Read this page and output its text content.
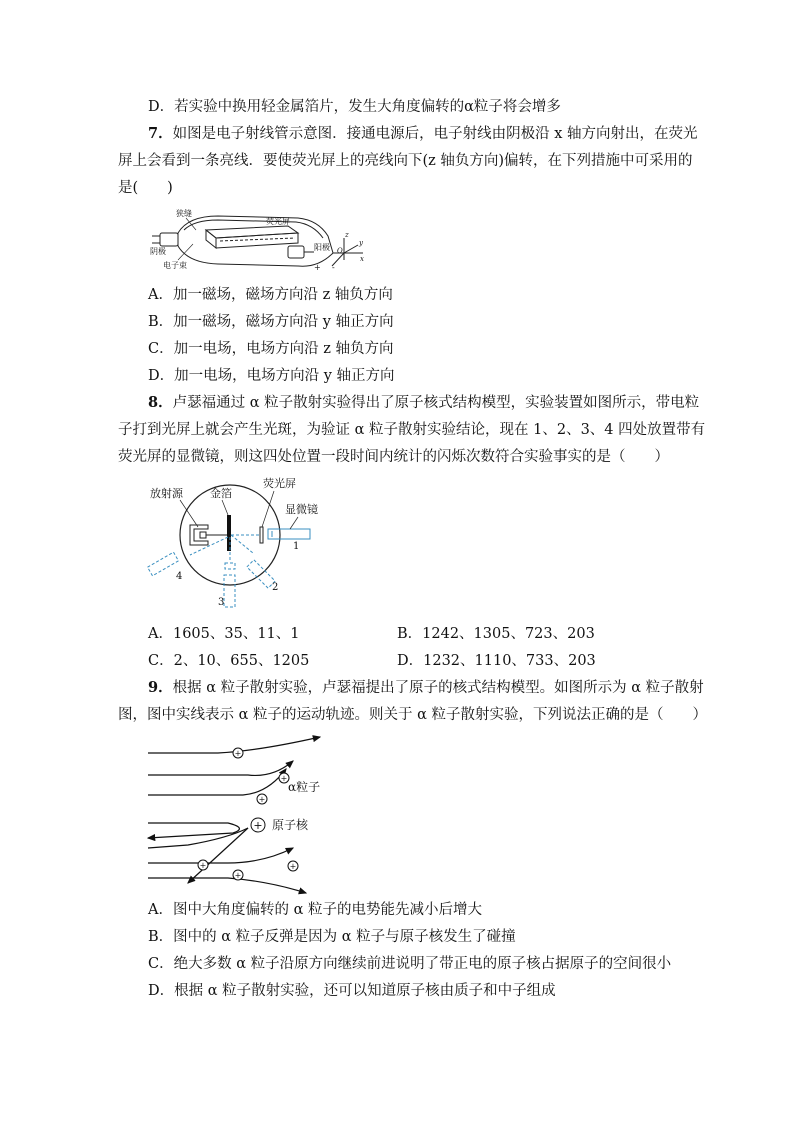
D．若实验中换用轻金属箔片，发生大角度偏转的α粒子将会增多
7．如图是电子射线管示意图．接通电源后，电子射线由阴极沿 x 轴方向射出，在荧光
屏上会看到一条亮线．要使荧光屏上的亮线向下(z 轴负方向)偏转，在下列措施中可采用的
是(　　)
狭缝
荧光屏
阴极
电子束
阳极
z
y
x
O
+ -
A．加一磁场，磁场方向沿 z 轴负方向
B．加一磁场，磁场方向沿 y 轴正方向
C．加一电场，电场方向沿 z 轴负方向
D．加一电场，电场方向沿 y 轴正方向
8．卢瑟福通过 α 粒子散射实验得出了原子核式结构模型，实验装置如图所示，带电粒
子打到光屏上就会产生光斑，为验证 α 粒子散射实验结论，现在 1、2、3、4 四处放置带有
荧光屏的显微镜，则这四处位置一段时间内统计的闪烁次数符合实验事实的是（　　）
放射源 金箔
荧光屏
显微镜
1
2
3
4
A．1605、35、11、1	B．1242、1305、723、203
C．2、10、655、1205	D．1232、1110、733、203
9．根据 α 粒子散射实验，卢瑟福提出了原子的核式结构模型。如图所示为 α 粒子散射
图，图中实线表示 α 粒子的运动轨迹。则关于 α 粒子散射实验，下列说法正确的是（　　）
+
+
+
+
+
+
+
α粒子
原子核
A．图中大角度偏转的 α 粒子的电势能先减小后增大
B．图中的 α 粒子反弹是因为 α 粒子与原子核发生了碰撞
C．绝大多数 α 粒子沿原方向继续前进说明了带正电的原子核占据原子的空间很小
D．根据 α 粒子散射实验，还可以知道原子核由质子和中子组成
